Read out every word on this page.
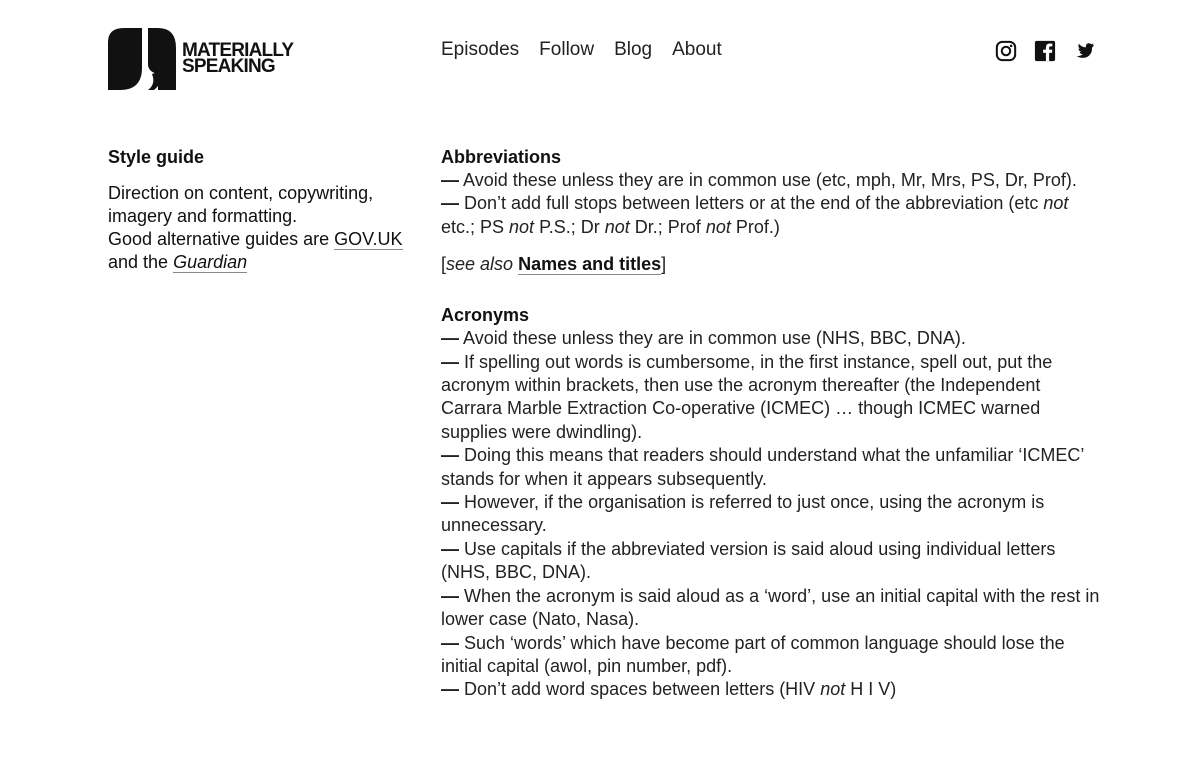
MATERIALLY
SPEAKING
Episodes Follow Blog About
Style guide

Direction on content, copywriting, imagery and formatting.

Good alternative guides are GOV.UK and the Guardian

Abbreviations

— Avoid these unless they are in common use (etc, mph, Mr, Mrs, PS, Dr, Prof).

— Don’t add full stops between letters or at the end of the abbreviation (etc not etc.; PS not P.S.; Dr not Dr.; Prof not Prof.)

[see also Names and titles]

Acronyms

— Avoid these unless they are in common use (NHS, BBC, DNA).

— If spelling out words is cumbersome, in the first instance, spell out, put the acronym within brackets, then use the acronym thereafter (the Independent Carrara Marble Extraction Co-operative (ICMEC) … though ICMEC warned supplies were dwindling).

— Doing this means that readers should understand what the unfamiliar ‘ICMEC’ stands for when it appears subsequently.

— However, if the organisation is referred to just once, using the acronym is unnecessary.

— Use capitals if the abbreviated version is said aloud using individual letters (NHS, BBC, DNA).

— When the acronym is said aloud as a ‘word’, use an initial capital with the rest in lower case (Nato, Nasa).

— Such ‘words’ which have become part of common language should lose the initial capital (awol, pin number, pdf).

— Don’t add word spaces between letters (HIV not H I V)
